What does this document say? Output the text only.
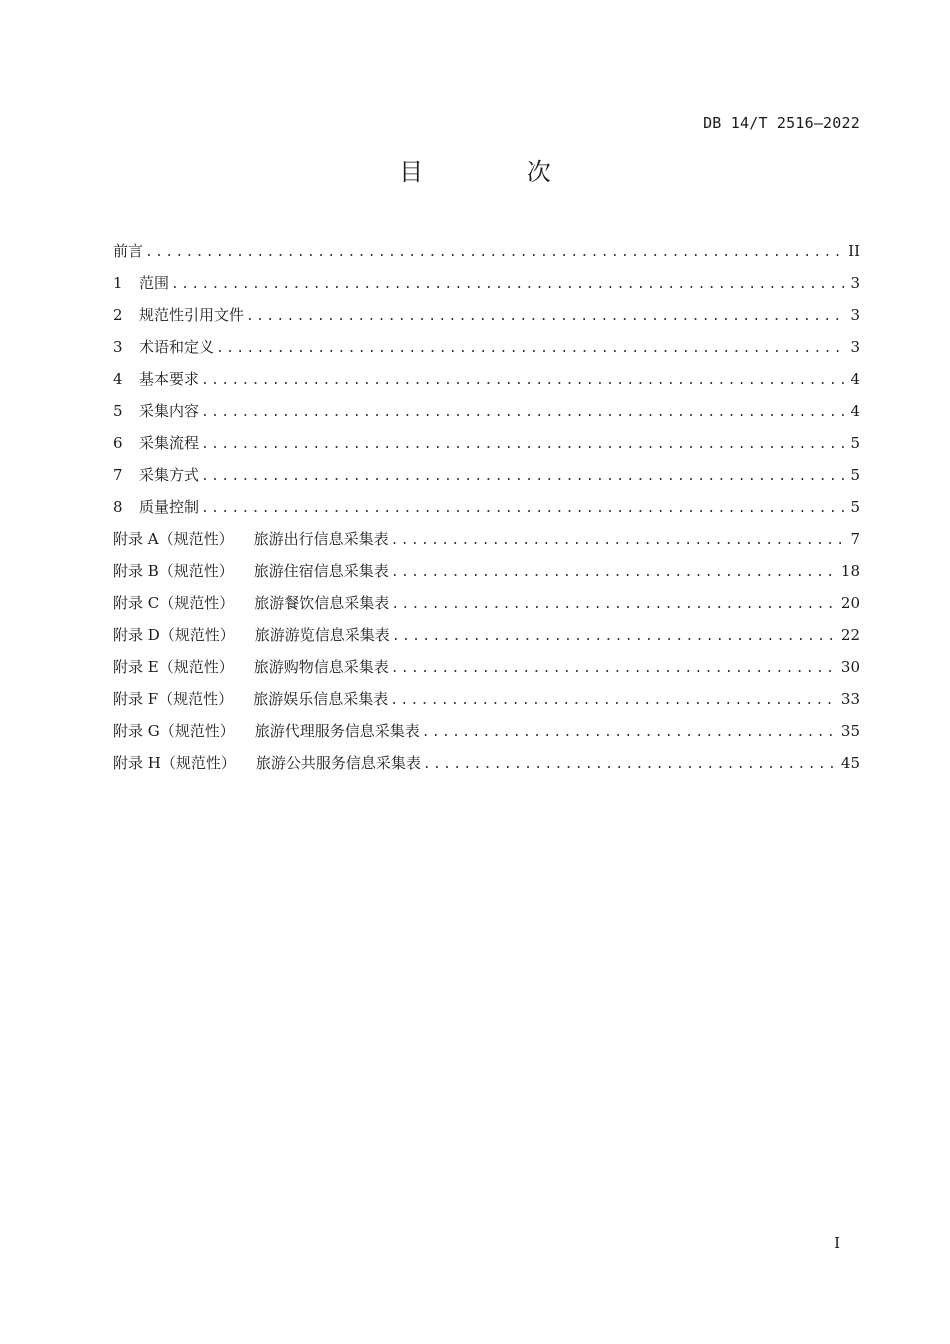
DB 14/T 2516—2022
目 次
前言 .....	II
1	范围 .....	3
2	规范性引用文件 .....	3
3	术语和定义 .....	3
4	基本要求 .....	4
5	采集内容 .....	4
6	采集流程 .....	5
7	采集方式 .....	5
8	质量控制 .....	5
附录 A（规范性） 旅游出行信息采集表 .....	7
附录 B（规范性） 旅游住宿信息采集表 .....	18
附录 C（规范性） 旅游餐饮信息采集表 .....	20
附录 D（规范性） 旅游游览信息采集表 .....	22
附录 E（规范性） 旅游购物信息采集表 .....	30
附录 F（规范性） 旅游娱乐信息采集表 .....	33
附录 G（规范性） 旅游代理服务信息采集表 .....	35
附录 H（规范性） 旅游公共服务信息采集表 .....	45
I
